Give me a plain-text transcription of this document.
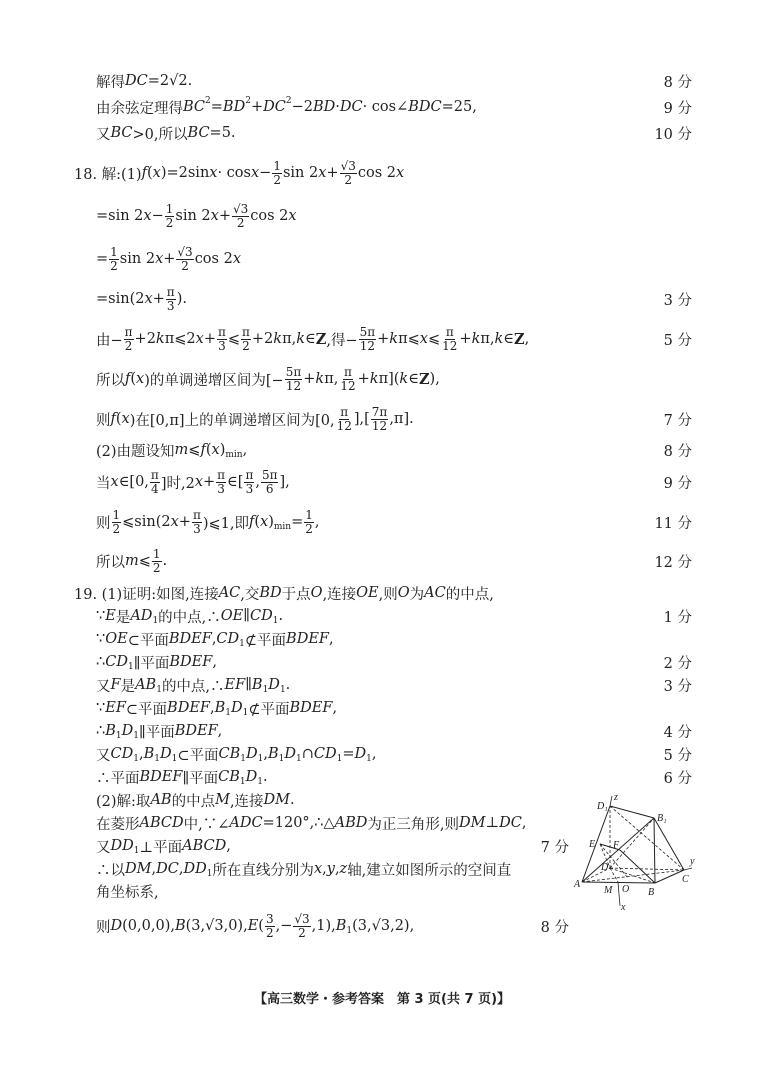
解得 DC =2√2.	8 分
由余弦定理得 BC 2 = BD 2 + DC 2 −2 BD · DC · cos∠ BDC =25,	9 分
又 BC >0,所以 BC =5.	10 分
18. 解:(1) f ( x )=2sin $x \cdot \cos x - \frac{1}{2}$ sin 2 $x + \frac{√3}{2}$ cos 2 x
=sin 2 $x - \frac{1}{2}$ sin 2 $x + \frac{√3}{2}$ cos 2 x
= $\frac{1}{2}$ sin 2 $x + \frac{√3}{2}$ cos 2 x
=sin(2 $x + \frac{\pi}{3}$ ).	3 分
由− $\frac{\pi}{2} +2$ k π⩽2 $x + \frac{\pi}{3}$ ⩽ $\frac{\pi}{2} +2$ k π, k ∈ Z ,得− $\frac{5\pi}{12} + k$ π⩽ x ⩽ $\frac{\pi}{12} + k$ π, k ∈ Z ,	5 分
所以 f ( x )的单调递增区间为[− $\frac{5\pi}{12} + k$ π, $\frac{\pi}{12} + k$ π]( k ∈ Z ),
则 f ( x )在[0,π]上的单调递增区间为[0, $\frac{\pi}{12}$ ],[ $\frac{7\pi}{12} ,\pi$].	7 分
(2)由题设知 m ⩽ f ( x ) min ,	8 分
当 x ∈[0, $\frac{\pi}{4}$ ]时,2 $x + \frac{\pi}{3}$ ∈[ $\frac{\pi}{3}$ , $\frac{5\pi}{6}$ ],	9 分
则 $\frac{1}{2}$ ⩽sin(2 $x + \frac{\pi}{3}$ )⩽1,即 f ( x ) $\min = \frac{1}{2}$ ,	11 分
所以 m ⩽ $\frac{1}{2}$ .	12 分
19. (1)证明:如图,连接 AC ,交 BD 于点 O ,连接 OE ,则 O 为 AC 的中点,
∵ E 是 AD 1 的中点,∴ OE ∥ CD 1 .	1 分
∵ OE ⊂平面 BDEF , CD 1 ⊄平面 BDEF ,
∴ CD 1 ∥平面 BDEF ,	2 分
又 F 是 AB 1 的中点,∴ EF ∥ B 1 D 1 .	3 分
∵ EF ⊂平面 BDEF , B 1 D 1 ⊄平面 BDEF ,
∴ B 1 D 1 ∥平面 BDEF ,	4 分
又 CD 1 , B 1 D 1 ⊂平面 CB 1 D 1 , B 1 D 1 ∩ CD 1 = D 1 ,	5 分
∴平面 BDEF ∥平面 CB 1 D 1 .	6 分
(2)解:取 AB 的中点 M ,连接 DM .
在菱形 ABCD 中,∵∠ ADC =120°,∴△ ABD 为正三角形,则 DM ⊥ DC ,
又 DD 1 ⊥平面 ABCD ,	7 分
∴以 DM , DC , DD 1 所在直线分别为 x , y , z 轴,建立如图所示的空间直
角坐标系,
则 D (0,0,0), B (3,√3,0), E ( $\frac{3}{2}$ ,− $\frac{√3}{2} ,1$), B 1 (3,√3,2),	8 分
D₁
z
B₁
E F
D
y
C
A
M O B
x
【高三数学・参考答案　第 3 页(共 7 页)】
